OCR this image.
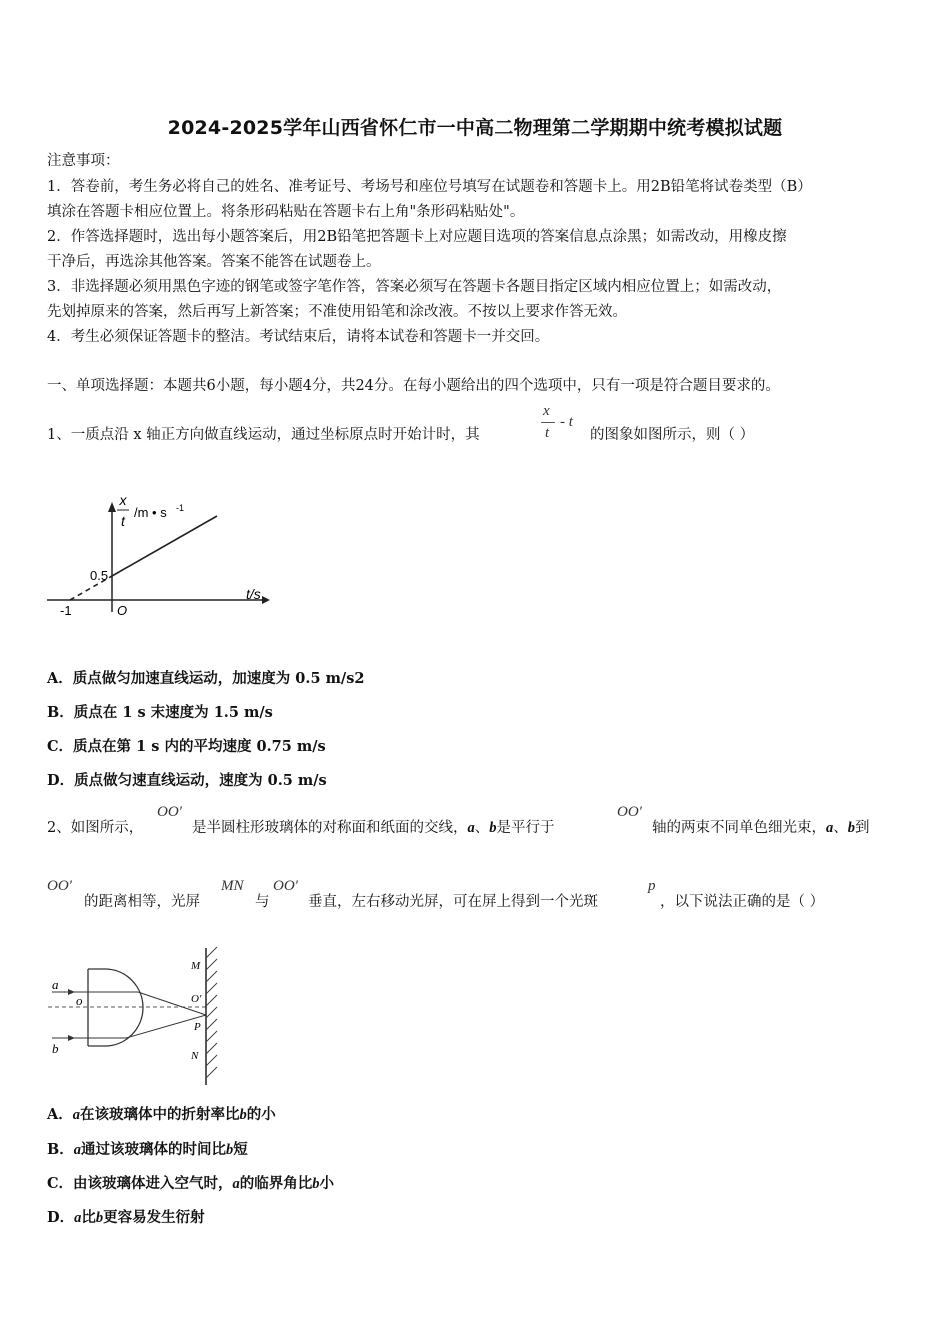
2024-2025学年山西省怀仁市一中高二物理第二学期期中统考模拟试题
注意事项：
1．答卷前，考生务必将自己的姓名、准考证号、考场号和座位号填写在试题卷和答题卡上。用2B铅笔将试卷类型（B）
填涂在答题卡相应位置上。将条形码粘贴在答题卡右上角"条形码粘贴处"。
2．作答选择题时，选出每小题答案后，用2B铅笔把答题卡上对应题目选项的答案信息点涂黑；如需改动，用橡皮擦
干净后，再选涂其他答案。答案不能答在试题卷上。
3．非选择题必须用黑色字迹的钢笔或签字笔作答，答案必须写在答题卡各题目指定区域内相应位置上；如需改动，
先划掉原来的答案，然后再写上新答案；不准使用铅笔和涂改液。不按以上要求作答无效。
4．考生必须保证答题卡的整洁。考试结束后，请将本试卷和答题卡一并交回。
一、单项选择题：本题共6小题，每小题4分，共24分。在每小题给出的四个选项中，只有一项是符合题目要求的。
1、一质点沿 x 轴正方向做直线运动，通过坐标原点时开始计时，其
x
t
- t
的图象如图所示，则（ ）
x
t
/m • s -1
t/s
0.5
-1	O
A．质点做匀加速直线运动，加速度为 0.5 m/s2
B．质点在 1 s 末速度为 1.5 m/s
C．质点在第 1 s 内的平均速度 0.75 m/s
D．质点做匀速直线运动，速度为 0.5 m/s
2、如图所示，
OO′
是半圆柱形玻璃体的对称面和纸面的交线，a、b是平行于
OO′
轴的两束不同单色细光束，a、b到
OO′
的距离相等，光屏
MN
与
OO′
垂直，左右移动光屏，可在屏上得到一个光斑
p
，以下说法正确的是（ ）
a
b
o	O′
P
M
N
A．a在该玻璃体中的折射率比b的小
B．a通过该玻璃体的时间比b短
C．由该玻璃体进入空气时，a的临界角比b小
D．a比b更容易发生衍射
